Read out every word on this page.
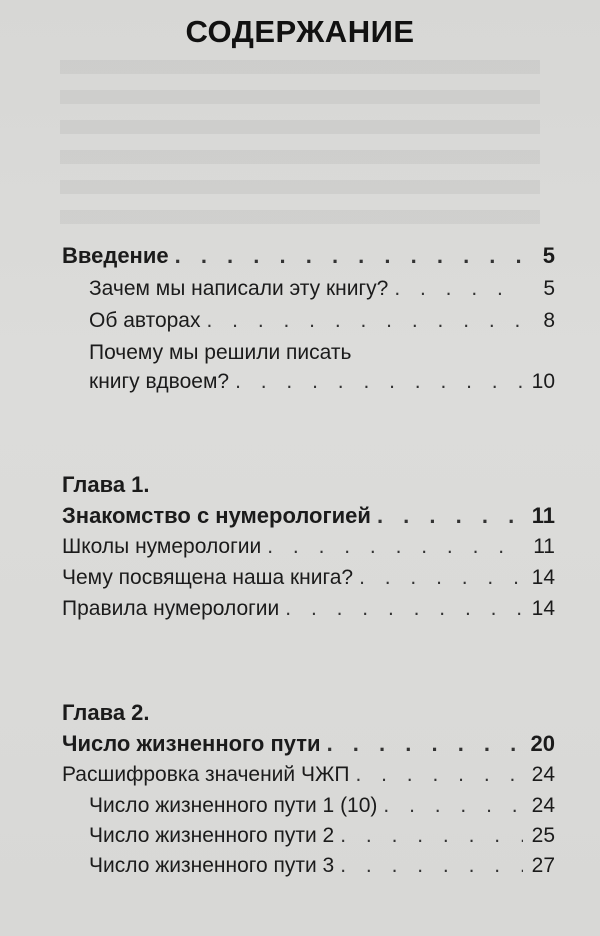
СОДЕРЖАНИЕ
Введение . . .	5
Зачем мы написали эту книгу? . . .	5
Об авторах . . .	8
Почему мы решили писать
книгу вдвоем? . . .	10
Глава 1.
Знакомство с нумерологией . . .	11
Школы нумерологии . . .	11
Чему посвящена наша книга? . . .	14
Правила нумерологии . . .	14
Глава 2.
Число жизненного пути . . .	20
Расшифровка значений ЧЖП . . .	24
Число жизненного пути 1 (10) . . .	24
Число жизненного пути 2 . . .	25
Число жизненного пути 3 . . .	27
